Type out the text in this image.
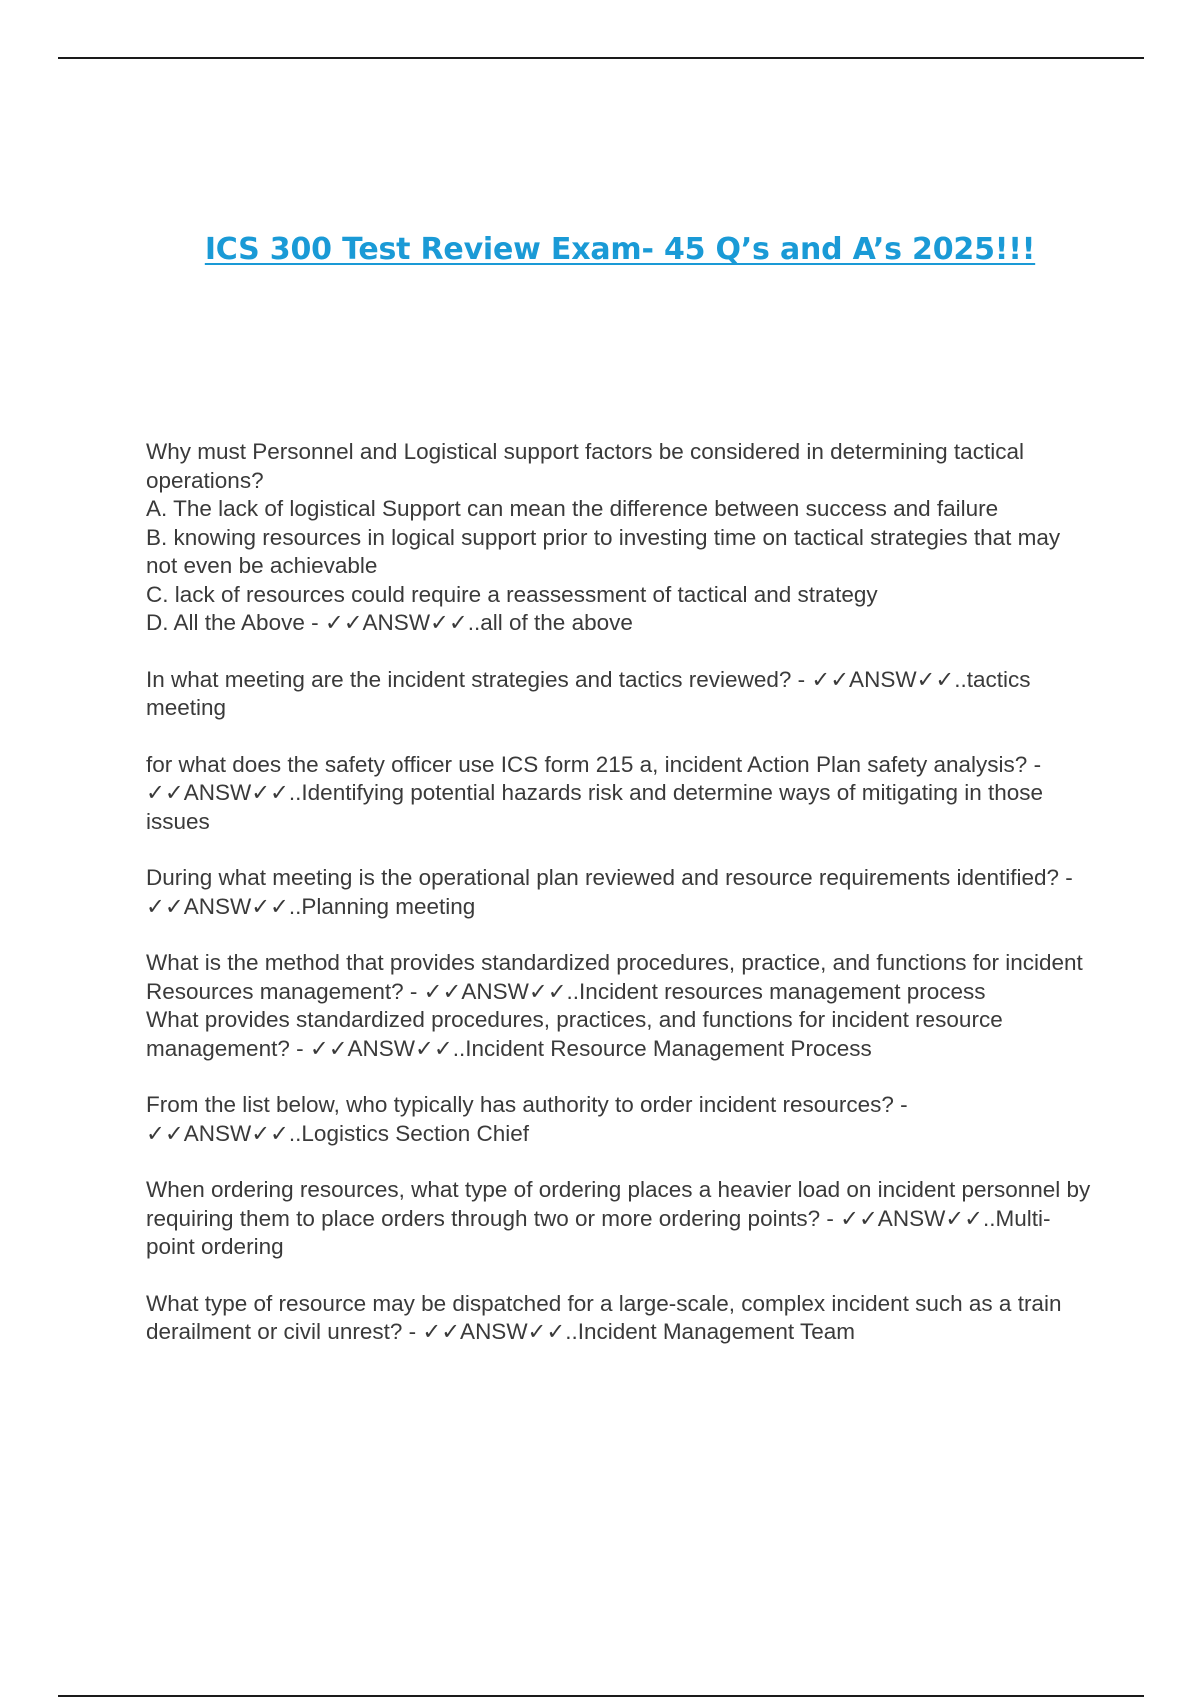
ICS 300 Test Review Exam- 45 Q’s and A’s 2025!!!
Why must Personnel and Logistical support factors be considered in determining tactical operations?
A. The lack of logistical Support can mean the difference between success and failure
B. knowing resources in logical support prior to investing time on tactical strategies that may not even be achievable
C. lack of resources could require a reassessment of tactical and strategy
D. All the Above - ✓✓ANSW✓✓..all of the above
In what meeting are the incident strategies and tactics reviewed? - ✓✓ANSW✓✓..tactics meeting
for what does the safety officer use ICS form 215 a, incident Action Plan safety analysis? - ✓✓ANSW✓✓..Identifying potential hazards risk and determine ways of mitigating in those issues
During what meeting is the operational plan reviewed and resource requirements identified? - ✓✓ANSW✓✓..Planning meeting
What is the method that provides standardized procedures, practice, and functions for incident Resources management? - ✓✓ANSW✓✓..Incident resources management process
What provides standardized procedures, practices, and functions for incident resource management? - ✓✓ANSW✓✓..Incident Resource Management Process
From the list below, who typically has authority to order incident resources? - ✓✓ANSW✓✓..Logistics Section Chief
When ordering resources, what type of ordering places a heavier load on incident personnel by requiring them to place orders through two or more ordering points? - ✓✓ANSW✓✓..Multi-point ordering
What type of resource may be dispatched for a large-scale, complex incident such as a train derailment or civil unrest? - ✓✓ANSW✓✓..Incident Management Team
